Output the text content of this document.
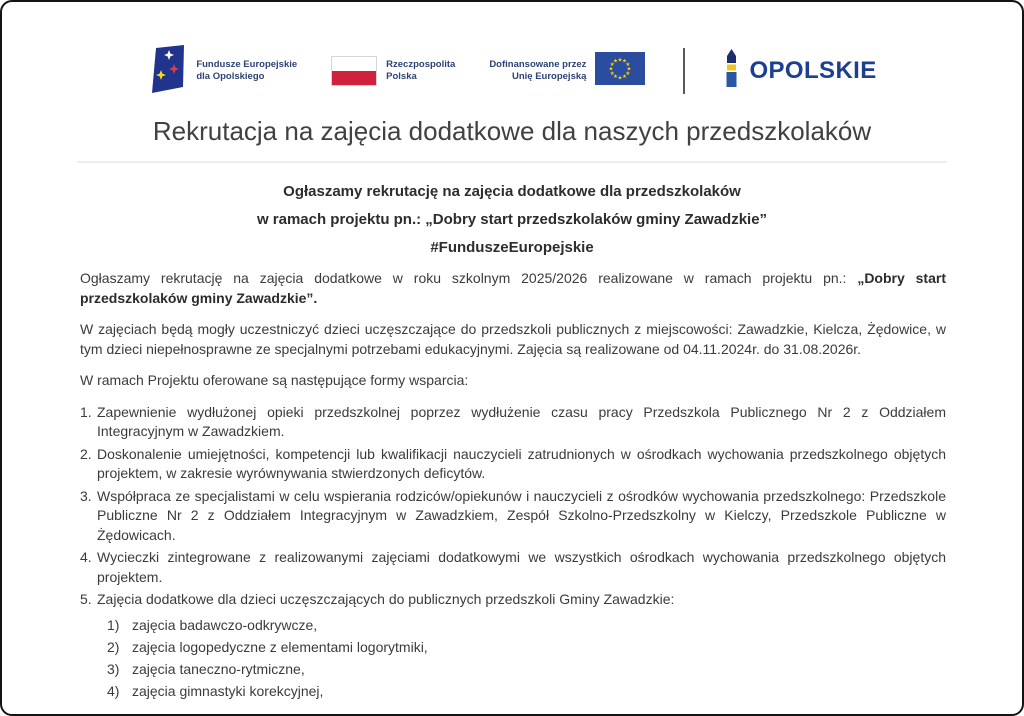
Fundusze Europejskie
dla Opolskiego
Rzeczpospolita
Polska
Dofinansowane przez
Unię Europejską
★ ★
★
★
★
★
★
★
★
★
★
★	OPOLSKIE
Rekrutacja na zajęcia dodatkowe dla naszych przedszkolaków
Ogłaszamy rekrutację na zajęcia dodatkowe dla przedszkolaków
w ramach projektu pn.: „Dobry start przedszkolaków gminy Zawadzkie”
#FunduszeEuropejskie

Ogłaszamy rekrutację na zajęcia dodatkowe w roku szkolnym 2025/2026 realizowane w ramach projektu pn.: „Dobry start przedszkolaków gminy Zawadzkie”.

W zajęciach będą mogły uczestniczyć dzieci uczęszczające do przedszkoli publicznych z miejscowości: Zawadzkie, Kielcza, Żędowice, w tym dzieci niepełnosprawne ze specjalnymi potrzebami edukacyjnymi. Zajęcia są realizowane od 04.11.2024r. do 31.08.2026r.

W ramach Projektu oferowane są następujące formy wsparcia:

1. Zapewnienie wydłużonej opieki przedszkolnej poprzez wydłużenie czasu pracy Przedszkola Publicznego Nr 2 z Oddziałem Integracyjnym w Zawadzkiem.
2. Doskonalenie umiejętności, kompetencji lub kwalifikacji nauczycieli zatrudnionych w ośrodkach wychowania przedszkolnego objętych projektem, w zakresie wyrównywania stwierdzonych deficytów.
3. Współpraca ze specjalistami w celu wspierania rodziców/opiekunów i nauczycieli z ośrodków wychowania przedszkolnego: Przedszkole Publiczne Nr 2 z Oddziałem Integracyjnym w Zawadzkiem, Zespół Szkolno-Przedszkolny w Kielczy, Przedszkole Publiczne w Żędowicach.
4. Wycieczki zintegrowane z realizowanymi zajęciami dodatkowymi we wszystkich ośrodkach wychowania przedszkolnego objętych projektem.
5. Zajęcia dodatkowe dla dzieci uczęszczających do publicznych przedszkoli Gminy Zawadzkie:
1) zajęcia badawczo-odkrywcze,
2) zajęcia logopedyczne z elementami logorytmiki,
3) zajęcia taneczno-rytmiczne,
4) zajęcia gimnastyki korekcyjnej,
